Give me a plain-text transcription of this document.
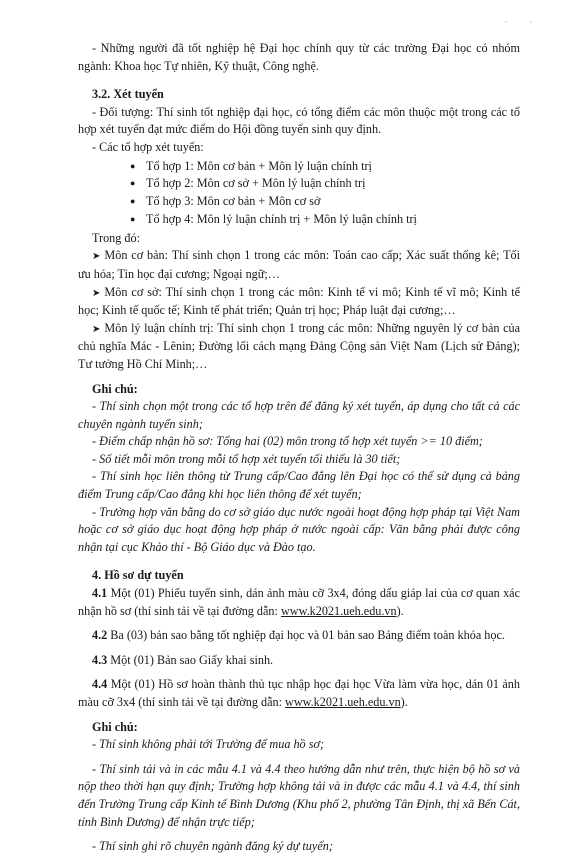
· ·

- Những người đã tốt nghiệp hệ Đại học chính quy từ các trường Đại học có nhóm ngành: Khoa học Tự nhiên, Kỹ thuật, Công nghệ.

3.2. Xét tuyển

- Đối tượng: Thí sinh tốt nghiệp đại học, có tổng điểm các môn thuộc một trong các tổ hợp xét tuyển đạt mức điểm do Hội đồng tuyển sinh quy định.

- Các tổ hợp xét tuyển:

● Tổ hợp 1: Môn cơ bản + Môn lý luận chính trị
● Tổ hợp 2: Môn cơ sở + Môn lý luận chính trị
● Tổ hợp 3: Môn cơ bản + Môn cơ sở
● Tổ hợp 4: Môn lý luận chính trị + Môn lý luận chính trị

Trong đó:

➤ Môn cơ bản: Thí sinh chọn 1 trong các môn: Toán cao cấp; Xác suất thống kê; Tối ưu hóa; Tin học đại cương; Ngoại ngữ;…

➤ Môn cơ sở: Thí sinh chọn 1 trong các môn: Kinh tế vi mô; Kinh tế vĩ mô; Kinh tế học; Kinh tế quốc tế; Kinh tế phát triển; Quản trị học; Pháp luật đại cương;…

➤ Môn lý luận chính trị: Thí sinh chọn 1 trong các môn: Những nguyên lý cơ bản của chủ nghĩa Mác - Lênin; Đường lối cách mạng Đảng Cộng sản Việt Nam (Lịch sử Đảng); Tư tưởng Hồ Chí Minh;…

Ghi chú:

- Thí sinh chọn một trong các tổ hợp trên để đăng ký xét tuyển, áp dụng cho tất cả các chuyên ngành tuyển sinh;

- Điểm chấp nhận hồ sơ: Tổng hai (02) môn trong tổ hợp xét tuyển >= 10 điểm;

- Số tiết mỗi môn trong mỗi tổ hợp xét tuyển tối thiểu là 30 tiết;

- Thí sinh học liên thông từ Trung cấp/Cao đẳng lên Đại học có thể sử dụng cả bảng điểm Trung cấp/Cao đẳng khi học liên thông để xét tuyển;

- Trường hợp văn bằng do cơ sở giáo dục nước ngoài hoạt động hợp pháp tại Việt Nam hoặc cơ sở giáo dục hoạt động hợp pháp ở nước ngoài cấp: Văn bằng phải được công nhận tại cục Khảo thí - Bộ Giáo dục và Đào tạo.

4. Hồ sơ dự tuyển

4.1 Một (01) Phiếu tuyển sinh, dán ảnh màu cỡ 3x4, đóng dấu giáp lai của cơ quan xác nhận hồ sơ (thí sinh tải về tại đường dẫn: www.k2021.ueh.edu.vn).

4.2 Ba (03) bản sao bằng tốt nghiệp đại học và 01 bản sao Bảng điểm toàn khóa học.

4.3 Một (01) Bản sao Giấy khai sinh.

4.4 Một (01) Hồ sơ hoàn thành thủ tục nhập học đại học Vừa làm vừa học, dán 01 ảnh màu cỡ 3x4 (thí sinh tải về tại đường dẫn: www.k2021.ueh.edu.vn).

Ghi chú:

- Thí sinh không phải tới Trường để mua hồ sơ;

- Thí sinh tải và in các mẫu 4.1 và 4.4 theo hướng dẫn như trên, thực hiện bộ hồ sơ và nộp theo thời hạn quy định; Trường hợp không tải và in được các mẫu 4.1 và 4.4, thí sinh đến Trường Trung cấp Kinh tế Bình Dương (Khu phố 2, phường Tân Định, thị xã Bến Cát, tỉnh Bình Dương) để nhận trực tiếp;

- Thí sinh ghi rõ chuyên ngành đăng ký dự tuyển;
